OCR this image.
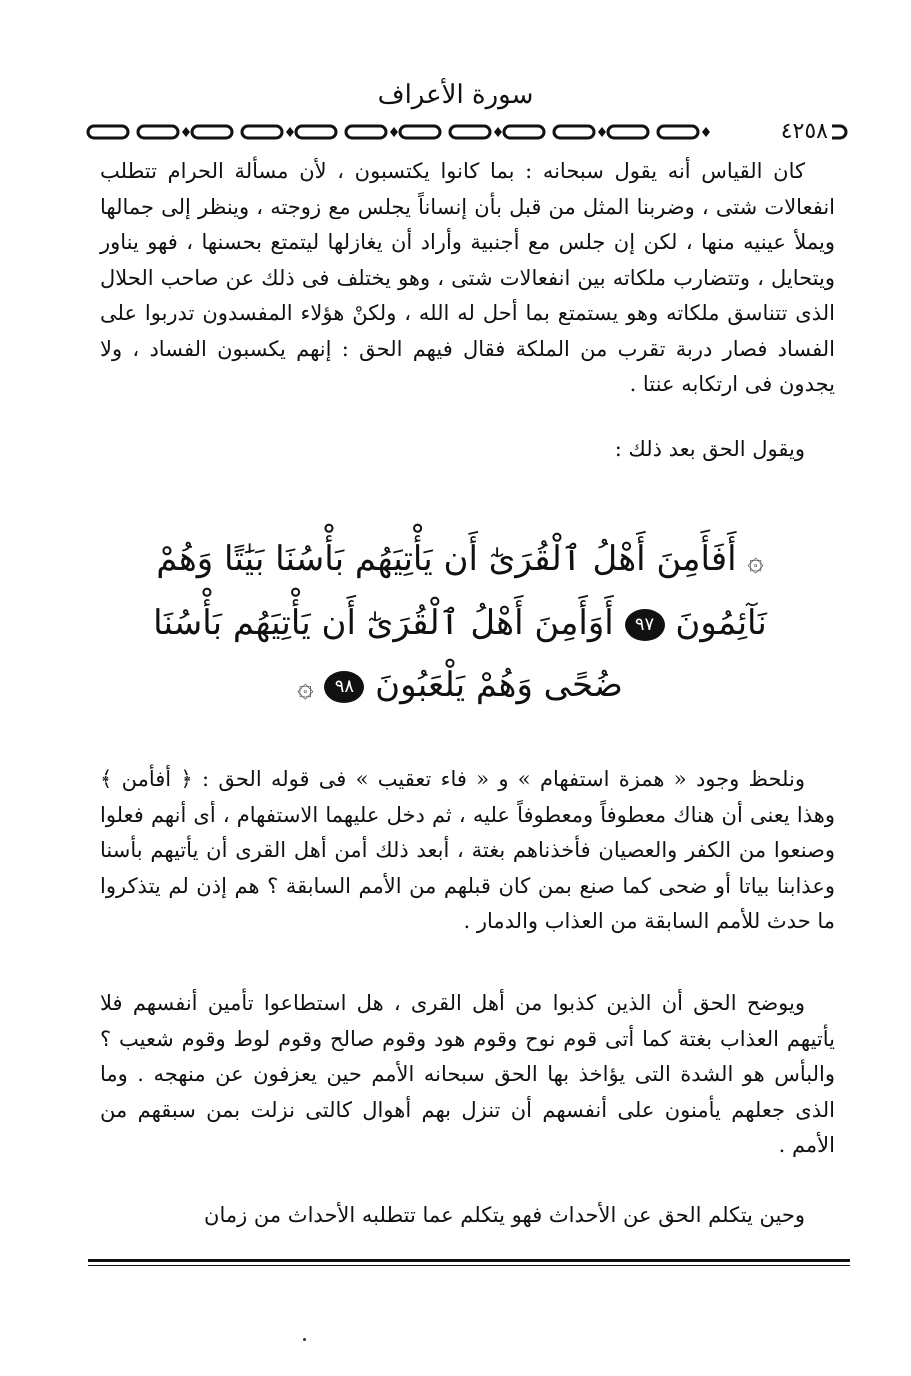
سورة الأعراف
٤٢٥٨

كان القياس أنه يقول سبحانه : بما كانوا يكتسبون ، لأن مسألة الحرام تتطلب انفعالات شتى ، وضربنا المثل من قبل بأن إنساناً يجلس مع زوجته ، وينظر إلى جمالها ويملأ عينيه منها ، لكن إن جلس مع أجنبية وأراد أن يغازلها ليتمتع بحسنها ، فهو يناور ويتحايل ، وتتضارب ملكاته بين انفعالات شتى ، وهو يختلف فى ذلك عن صاحب الحلال الذى تتناسق ملكاته وهو يستمتع بما أحل له الله ، ولكنْ هؤلاء المفسدون تدربوا على الفساد فصار دربة تقرب من الملكة فقال فيهم الحق : إنهم يكسبون الفساد ، ولا يجدون فى ارتكابه عنتا .

ويقول الحق بعد ذلك :

۞ أَفَأَمِنَ أَهْلُ ٱلْقُرَىٰٓ أَن يَأْتِيَهُم بَأْسُنَا بَيَٰتًا وَهُمْ نَآئِمُونَ ٩٧ أَوَأَمِنَ أَهْلُ ٱلْقُرَىٰٓ أَن يَأْتِيَهُم بَأْسُنَا ضُحًى وَهُمْ يَلْعَبُونَ ٩٨ ۞

ونلحظ وجود « همزة استفهام » و « فاء تعقيب » فى قوله الحق : ﴿ أفأمن ﴾ وهذا يعنى أن هناك معطوفاً ومعطوفاً عليه ، ثم دخل عليهما الاستفهام ، أى أنهم فعلوا وصنعوا من الكفر والعصيان فأخذناهم بغتة ، أبعد ذلك أمن أهل القرى أن يأتيهم بأسنا وعذابنا بياتا أو ضحى كما صنع بمن كان قبلهم من الأمم السابقة ؟ هم إذن لم يتذكروا ما حدث للأمم السابقة من العذاب والدمار .

ويوضح الحق أن الذين كذبوا من أهل القرى ، هل استطاعوا تأمين أنفسهم فلا يأتيهم العذاب بغتة كما أتى قوم نوح وقوم هود وقوم صالح وقوم لوط وقوم شعيب ؟ والبأس هو الشدة التى يؤاخذ بها الحق سبحانه الأمم حين يعزفون عن منهجه . وما الذى جعلهم يأمنون على أنفسهم أن تنزل بهم أهوال كالتى نزلت بمن سبقهم من الأمم .

وحين يتكلم الحق عن الأحداث فهو يتكلم عما تتطلبه الأحداث من زمان
